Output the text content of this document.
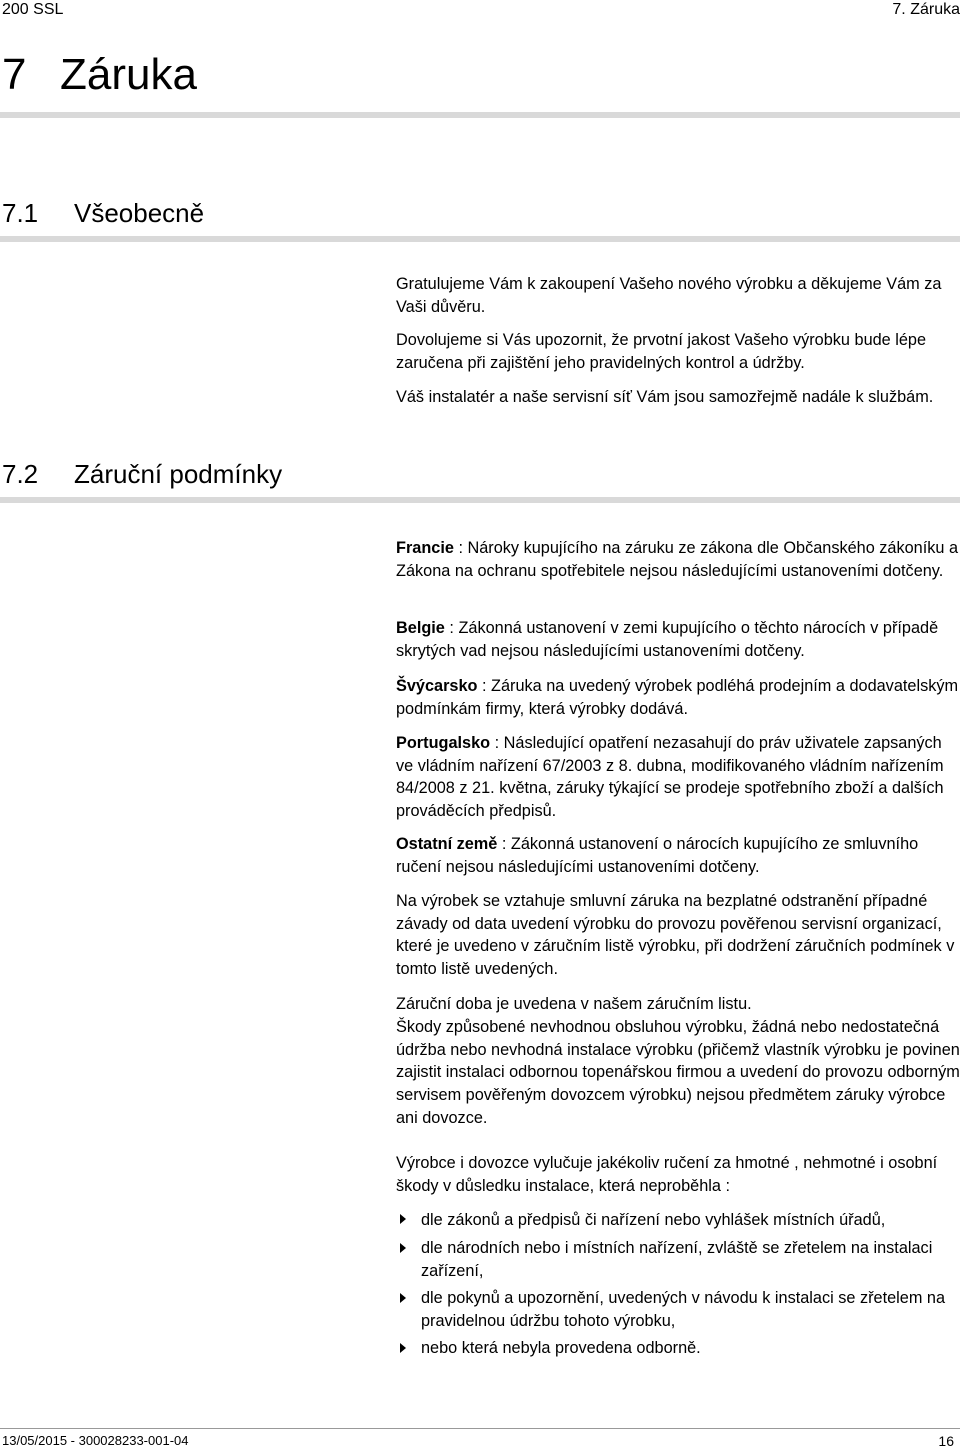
200 SSL	7. Záruka
7 Záruka
7.1 Všeobecně
Gratulujeme Vám k zakoupení Vašeho nového výrobku a děkujeme Vám za Vaši důvěru.
Dovolujeme si Vás upozornit, že prvotní jakost Vašeho výrobku bude lépe zaručena při zajištění jeho pravidelných kontrol a údržby.
Váš instalatér a naše servisní síť Vám jsou samozřejmě nadále k službám.
7.2 Záruční podmínky
Francie : Nároky kupujícího na záruku ze zákona dle Občanského zákoníku a Zákona na ochranu spotřebitele nejsou následujícími ustanoveními dotčeny.
Belgie : Zákonná ustanovení v zemi kupujícího o těchto nárocích v případě skrytých vad nejsou následujícími ustanoveními dotčeny.
Švýcarsko : Záruka na uvedený výrobek podléhá prodejním a dodavatelským podmínkám firmy, která výrobky dodává.
Portugalsko : Následující opatření nezasahují do práv uživatele zapsaných ve vládním nařízení 67/2003 z 8. dubna, modifikovaného vládním nařízením 84/2008 z 21. května, záruky týkající se prodeje spotřebního zboží a dalších prováděcích předpisů.
Ostatní země : Zákonná ustanovení o nárocích kupujícího ze smluvního ručení nejsou následujícími ustanoveními dotčeny.
Na výrobek se vztahuje smluvní záruka na bezplatné odstranění případné závady od data uvedení výrobku do provozu pověřenou servisní organizací, které je uvedeno v záručním listě výrobku, při dodržení záručních podmínek v tomto listě uvedených.
Záruční doba je uvedena v našem záručním listu.
Škody způsobené nevhodnou obsluhou výrobku, žádná nebo nedostatečná údržba nebo nevhodná instalace výrobku (přičemž vlastník výrobku je povinen zajistit instalaci odbornou topenářskou firmou a uvedení do provozu odborným servisem pověřeným dovozcem výrobku) nejsou předmětem záruky výrobce ani dovozce.
Výrobce i dovozce vylučuje jakékoliv ručení za hmotné , nehmotné i osobní škody v důsledku instalace, která neproběhla :
dle zákonů a předpisů či nařízení nebo vyhlášek místních úřadů,
dle národních nebo i místních nařízení, zvláště se zřetelem na instalaci zařízení,
dle pokynů a upozornění, uvedených v návodu k instalaci se zřetelem na pravidelnou údržbu tohoto výrobku,
nebo která nebyla provedena odborně.
13/05/2015 - 300028233-001-04	16
